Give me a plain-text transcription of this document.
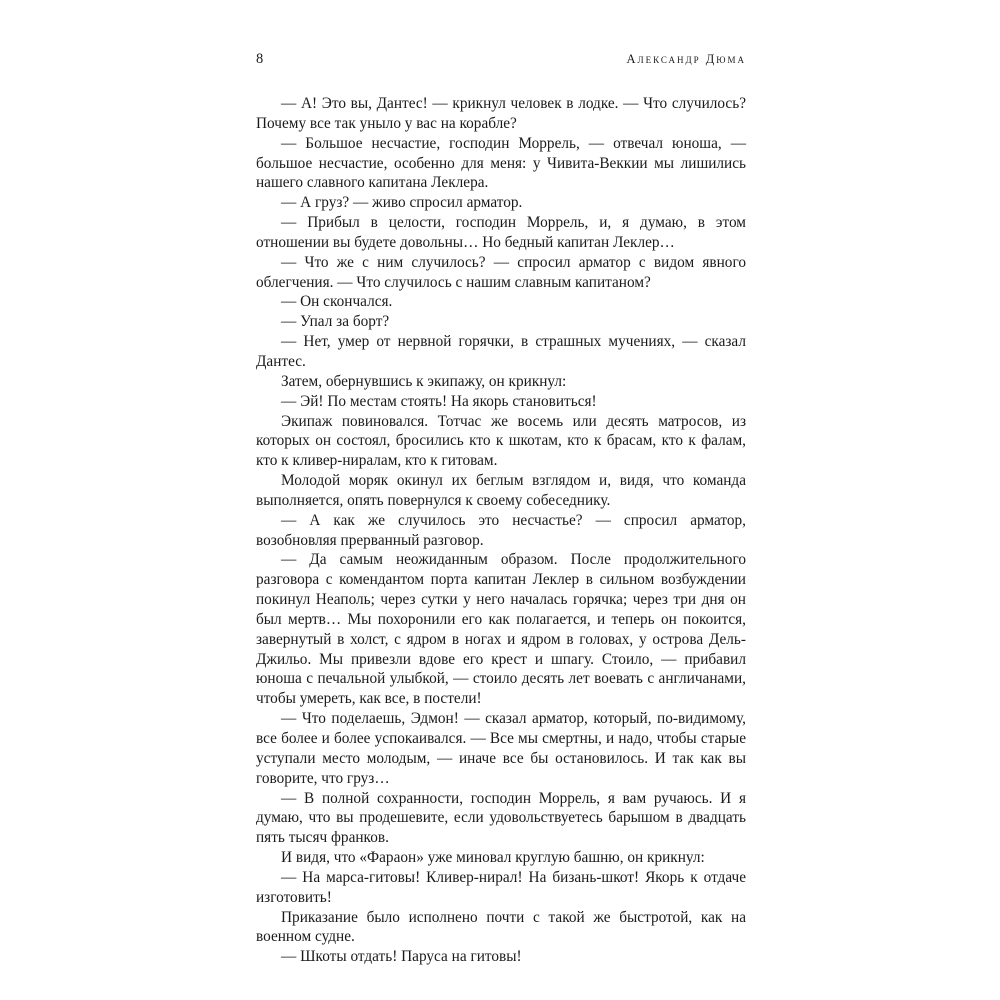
8	Александр Дюма

— А! Это вы, Дантес! — крикнул человек в лодке. — Что случилось? Почему все так уныло у вас на корабле?

— Большое несчастие, господин Моррель, — отвечал юноша, — большое несчастие, особенно для меня: у Чивита-Веккии мы лишились нашего славного капитана Леклера.

— А груз? — живо спросил арматор.

— Прибыл в целости, господин Моррель, и, я думаю, в этом отношении вы будете довольны… Но бедный капитан Леклер…

— Что же с ним случилось? — спросил арматор с видом явного облегчения. — Что случилось с нашим славным капитаном?

— Он скончался.

— Упал за борт?

— Нет, умер от нервной горячки, в страшных мучениях, — сказал Дантес.

Затем, обернувшись к экипажу, он крикнул:

— Эй! По местам стоять! На якорь становиться!

Экипаж повиновался. Тотчас же восемь или десять матросов, из которых он состоял, бросились кто к шкотам, кто к брасам, кто к фалам, кто к кливер-ниралам, кто к гитовам.

Молодой моряк окинул их беглым взглядом и, видя, что команда выполняется, опять повернулся к своему собеседнику.

— А как же случилось это несчастье? — спросил арматор, возобновляя прерванный разговор.

— Да самым неожиданным образом. После продолжительного разговора с комендантом порта капитан Леклер в сильном возбуждении покинул Неаполь; через сутки у него началась горячка; через три дня он был мертв… Мы похоронили его как полагается, и теперь он покоится, завернутый в холст, с ядром в ногах и ядром в головах, у острова Дель-Джильо. Мы привезли вдове его крест и шпагу. Стоило, — прибавил юноша с печальной улыбкой, — стоило десять лет воевать с англичанами, чтобы умереть, как все, в постели!

— Что поделаешь, Эдмон! — сказал арматор, который, по-видимому, все более и более успокаивался. — Все мы смертны, и надо, чтобы старые уступали место молодым, — иначе все бы остановилось. И так как вы говорите, что груз…

— В полной сохранности, господин Моррель, я вам ручаюсь. И я думаю, что вы продешевите, если удовольствуетесь барышом в двадцать пять тысяч франков.

И видя, что «Фараон» уже миновал круглую башню, он крикнул:

— На марса-гитовы! Кливер-нирал! На бизань-шкот! Якорь к отдаче изготовить!

Приказание было исполнено почти с такой же быстротой, как на военном судне.

— Шкоты отдать! Паруса на гитовы!
